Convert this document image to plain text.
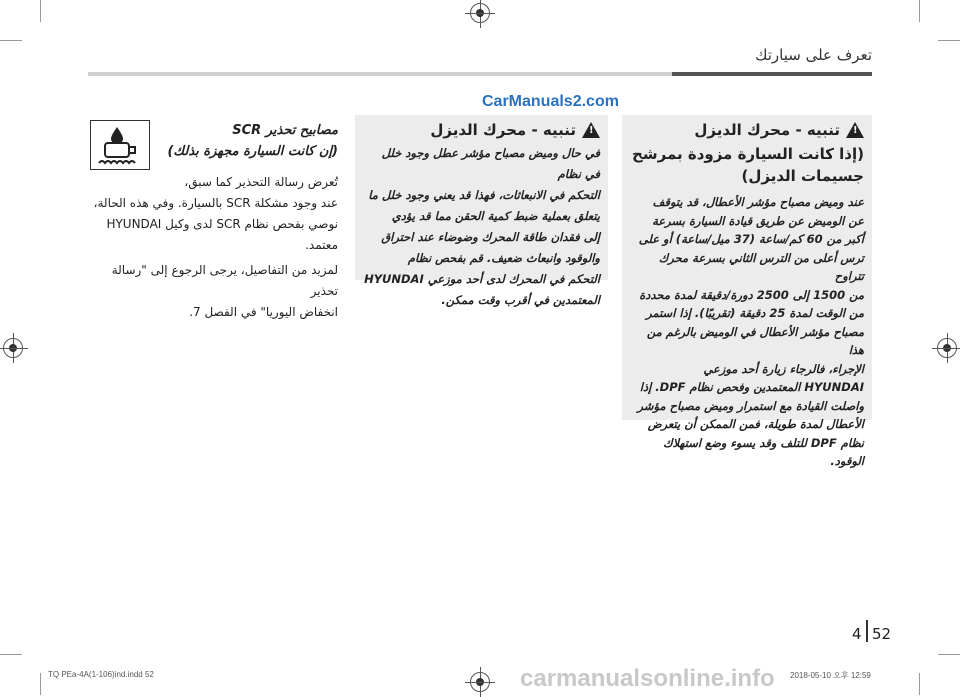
تعرف على سيارتك
CarManuals2.com
مصابيح تحذير SCR
(إن كانت السيارة مجهزة بذلك)
تُعرض رسالة التحذير كما سبق،
عند وجود مشكلة SCR بالسيارة. وفي هذه الحالة،
نوصي بفحص نظام SCR لدى وكيل HYUNDAI
معتمد.
لمزيد من التفاصيل، يرجى الرجوع إلى "رسالة تحذير
انخفاض اليوريا" في الفصل 7.
!
تنبيه - محرك الديزل
في حال وميض مصباح مؤشر عطل وجود خلل في نظام
التحكم في الانبعاثات، فهذا قد يعني وجود خلل ما
يتعلق بعملية ضبط كمية الحقن مما قد يؤدي
إلى فقدان طاقة المحرك وضوضاء عند احتراق
والوقود وانبعاث ضعيف. قم بفحص نظام
التحكم في المحرك لدى أحد موزعي HYUNDAI
المعتمدين في أقرب وقت ممكن.
!
تنبيه - محرك الديزل
(إذا كانت السيارة مزودة بمرشح
جسيمات الديزل)
عند وميض مصباح مؤشر الأعطال، قد يتوقف
عن الوميض عن طريق قيادة السيارة بسرعة
أكبر من 60 كم/ساعة (37 ميل/ساعة) أو على
ترس أعلى من الترس الثاني بسرعة محرك تتراوح
من 1500 إلى 2500 دورة/دقيقة لمدة محددة
من الوقت لمدة 25 دقيقة (تقريبًا). إذا استمر
مصباح مؤشر الأعطال في الوميض بالرغم من هذا
الإجراء، فالرجاء زيارة أحد موزعي
HYUNDAI المعتمدين وفحص نظام DPF. إذا
واصلت القيادة مع استمرار وميض مصباح مؤشر
الأعطال لمدة طويلة، فمن الممكن أن يتعرض
نظام DPF للتلف وقد يسوء وضع استهلاك
الوقود.
4 52
TQ PEa-4A(1-106)ind.indd 52	2018-05-10 오후 12:59
carmanualsonline.info
